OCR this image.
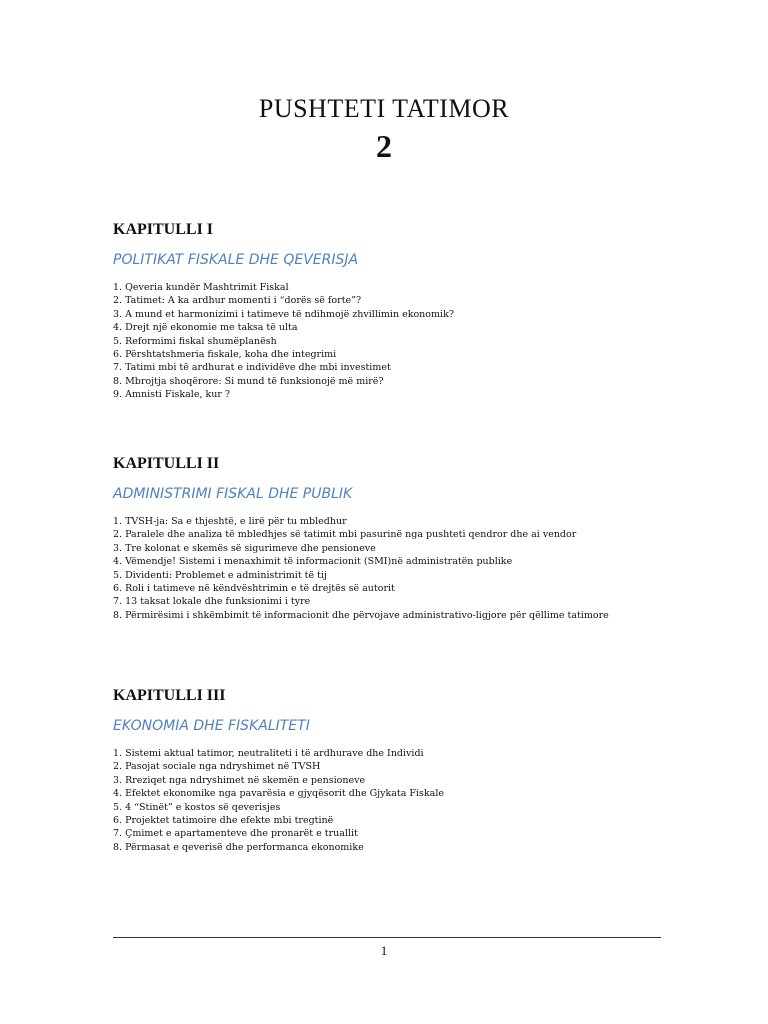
PUSHTETI TATIMOR
2
KAPITULLI I
POLITIKAT FISKALE DHE QEVERISJA
1. Qeveria kundër Mashtrimit Fiskal
2. Tatimet: A ka ardhur momenti i “dorës së forte”?
3. A mund et harmonizimi i tatimeve të ndihmojë zhvillimin ekonomik?
4. Drejt një ekonomie me taksa të ulta
5. Reformimi fiskal shumëplanësh
6. Përshtatshmeria fiskale, koha dhe integrimi
7. Tatimi mbi të ardhurat e individëve dhe mbi investimet
8. Mbrojtja shoqërore: Si mund të funksionojë më mirë?
9. Amnisti Fiskale, kur ?
KAPITULLI II
ADMINISTRIMI FISKAL DHE PUBLIK
1. TVSH-ja: Sa e thjeshtë, e lirë për tu mbledhur
2. Paralele dhe analiza të mbledhjes së tatimit mbi pasurinë nga pushteti qendror dhe ai vendor
3. Tre kolonat e skemës së sigurimeve dhe pensioneve
4. Vëmendje! Sistemi i menaxhimit të informacionit (SMI)në administratën publike
5. Dividenti: Problemet e administrimit të tij
6. Roli i tatimeve në këndvështrimin e të drejtës së autorit
7. 13 taksat lokale dhe funksionimi i tyre
8. Përmirësimi i shkëmbimit të informacionit dhe përvojave administrativo-ligjore për qëllime tatimore
KAPITULLI III
EKONOMIA DHE FISKALITETI
1. Sistemi aktual tatimor, neutraliteti i të ardhurave dhe Individi
2. Pasojat sociale nga ndryshimet në TVSH
3. Rreziqet nga ndryshimet në skemën e pensioneve
4. Efektet ekonomike nga pavarësia e gjyqësorit dhe Gjykata Fiskale
5. 4 “Stinët” e kostos së qeverisjes
6. Projektet tatimoire dhe efekte mbi tregtinë
7. Çmimet e apartamenteve dhe pronarët e truallit
8. Përmasat e qeverisë dhe performanca ekonomike
1
